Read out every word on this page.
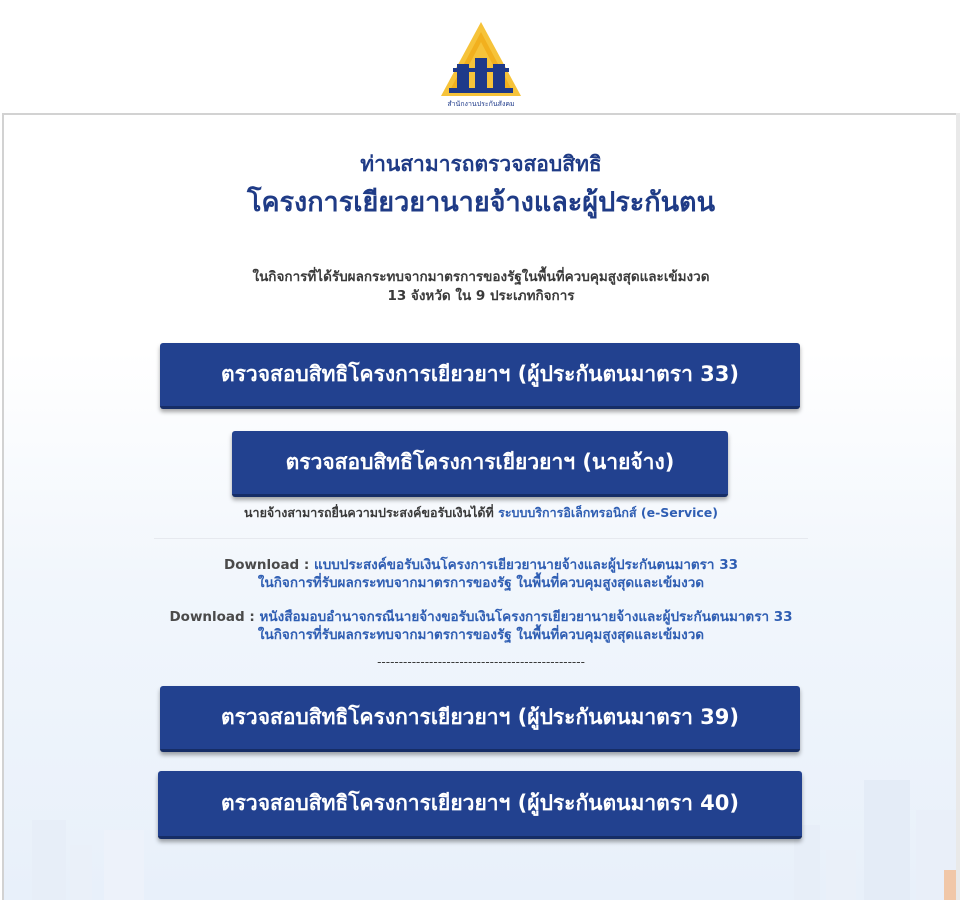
สำนักงานประกันสังคม
ท่านสามารถตรวจสอบสิทธิ
โครงการเยียวยานายจ้างและผู้ประกันตน
ในกิจการที่ได้รับผลกระทบจากมาตรการของรัฐในพื้นที่ควบคุมสูงสุดและเข้มงวด
13 จังหวัด ใน 9 ประเภทกิจการ
ตรวจสอบสิทธิโครงการเยียวยาฯ (ผู้ประกันตนมาตรา 33)
ตรวจสอบสิทธิโครงการเยียวยาฯ (นายจ้าง)
นายจ้างสามารถยื่นความประสงค์ขอรับเงินได้ที่ ระบบบริการอิเล็กทรอนิกส์ (e-Service)
Download : แบบประสงค์ขอรับเงินโครงการเยียวยานายจ้างและผู้ประกันตนมาตรา 33
ในกิจการที่รับผลกระทบจากมาตรการของรัฐ ในพื้นที่ควบคุมสูงสุดและเข้มงวด
Download : หนังสือมอบอำนาจกรณีนายจ้างขอรับเงินโครงการเยียวยานายจ้างและผู้ประกันตนมาตรา 33
ในกิจการที่รับผลกระทบจากมาตรการของรัฐ ในพื้นที่ควบคุมสูงสุดและเข้มงวด
------------------------------------------------
ตรวจสอบสิทธิโครงการเยียวยาฯ (ผู้ประกันตนมาตรา 39)
ตรวจสอบสิทธิโครงการเยียวยาฯ (ผู้ประกันตนมาตรา 40)
